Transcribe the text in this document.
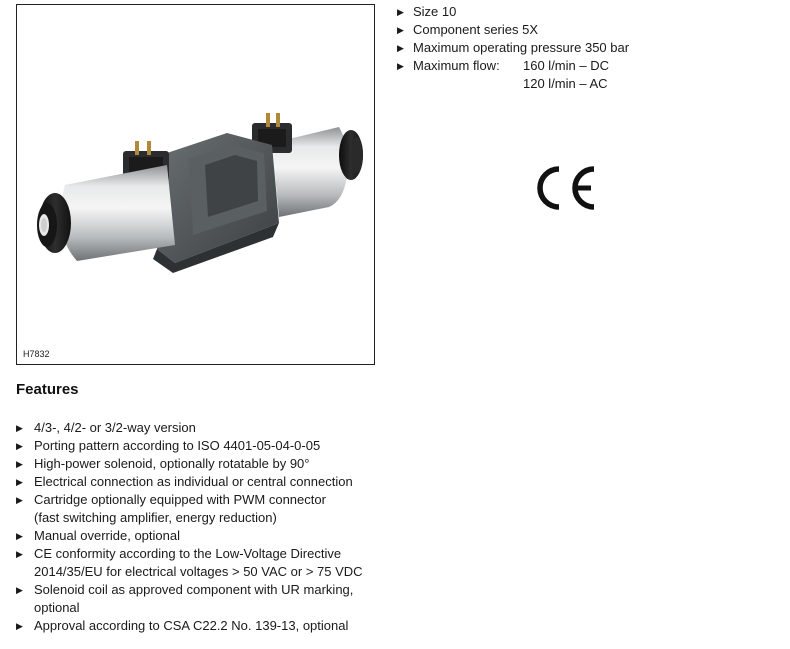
H7832
▶ Size 10
▶ Component series 5X
▶ Maximum operating pressure 350 bar
▶ Maximum flow: 160 l/min – DC
120 l/min – AC
Features
▶ 4/3-, 4/2- or 3/2-way version
▶ Porting pattern according to ISO 4401-05-04-0-05
▶ High-power solenoid, optionally rotatable by 90°
▶ Electrical connection as individual or central connection
▶ Cartridge optionally equipped with PWM connector
(fast switching amplifier, energy reduction)
▶ Manual override, optional
▶ CE conformity according to the Low-Voltage Directive
2014/35/EU for electrical voltages > 50 VAC or > 75 VDC
▶ Solenoid coil as approved component with UR marking,
optional
▶ Approval according to CSA C22.2 No. 139-13, optional
